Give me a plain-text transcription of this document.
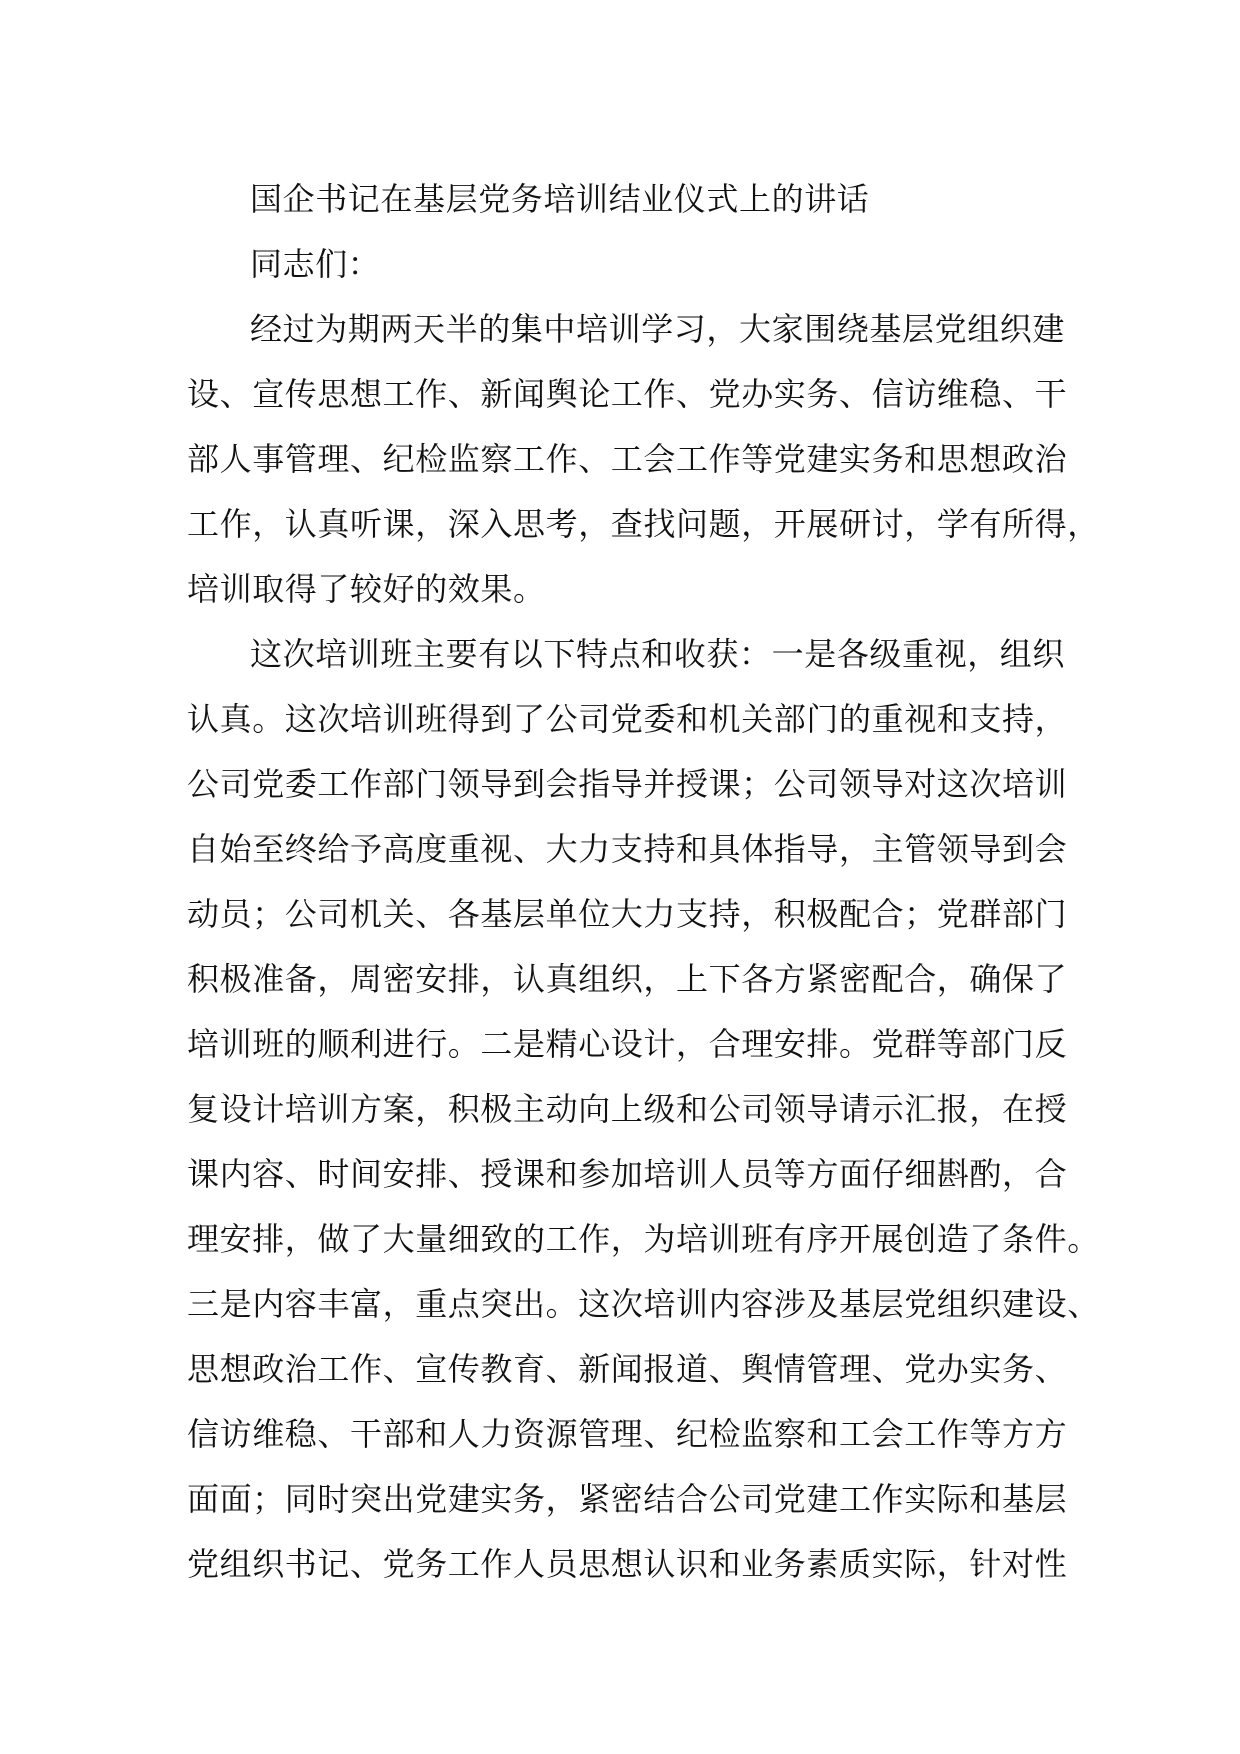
国企书记在基层党务培训结业仪式上的讲话
同志们：
经过为期两天半的集中培训学习，大家围绕基层党组织建
设、宣传思想工作、新闻舆论工作、党办实务、信访维稳、干
部人事管理、纪检监察工作、工会工作等党建实务和思想政治
工作，认真听课，深入思考，查找问题，开展研讨，学有所得，
培训取得了较好的效果。
这次培训班主要有以下特点和收获：一是各级重视，组织
认真。这次培训班得到了公司党委和机关部门的重视和支持，
公司党委工作部门领导到会指导并授课；公司领导对这次培训
自始至终给予高度重视、大力支持和具体指导，主管领导到会
动员；公司机关、各基层单位大力支持，积极配合；党群部门
积极准备，周密安排，认真组织，上下各方紧密配合，确保了
培训班的顺利进行。二是精心设计，合理安排。党群等部门反
复设计培训方案，积极主动向上级和公司领导请示汇报，在授
课内容、时间安排、授课和参加培训人员等方面仔细斟酌，合
理安排，做了大量细致的工作，为培训班有序开展创造了条件。
三是内容丰富，重点突出。这次培训内容涉及基层党组织建设、
思想政治工作、宣传教育、新闻报道、舆情管理、党办实务、
信访维稳、干部和人力资源管理、纪检监察和工会工作等方方
面面；同时突出党建实务，紧密结合公司党建工作实际和基层
党组织书记、党务工作人员思想认识和业务素质实际，针对性
